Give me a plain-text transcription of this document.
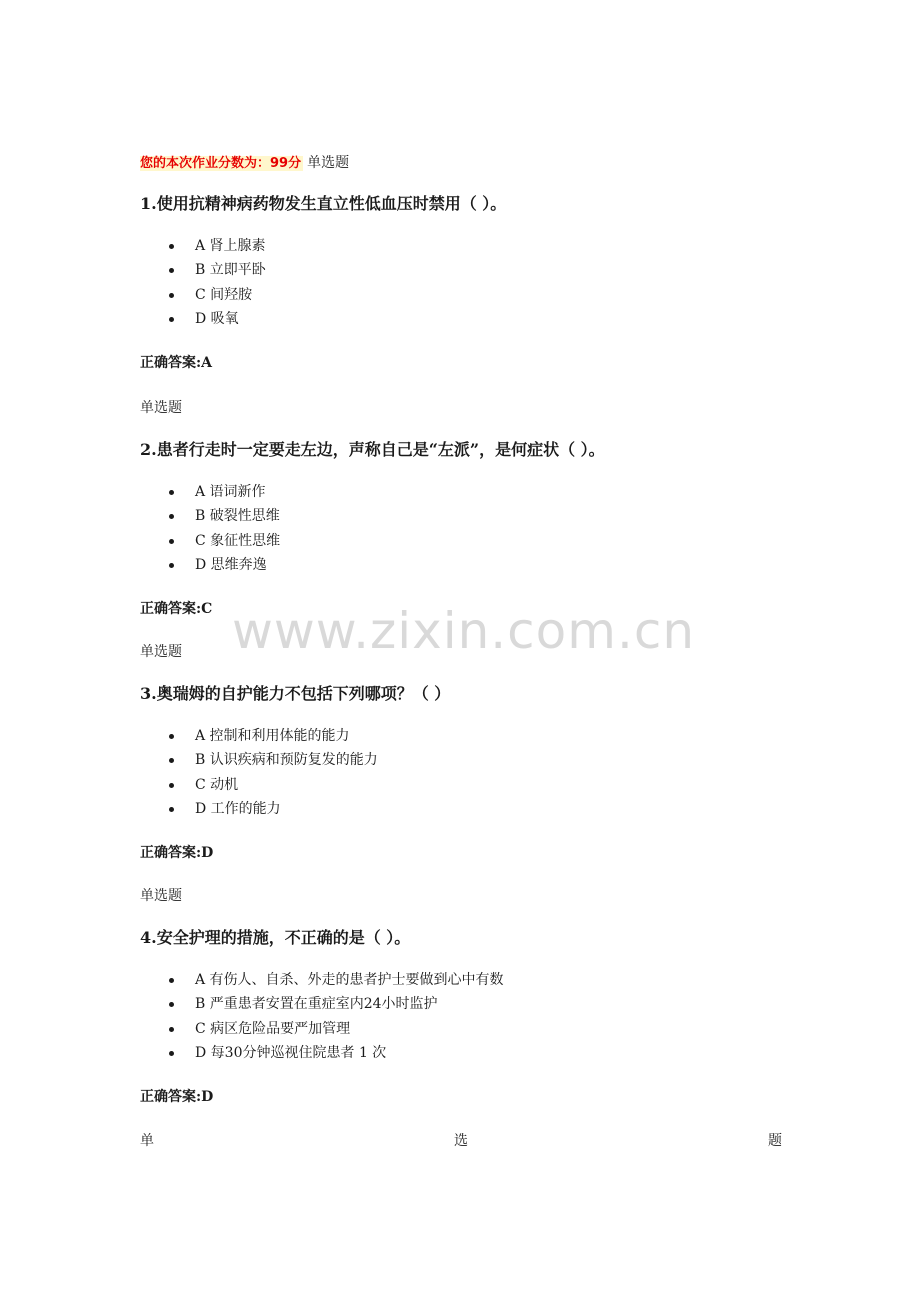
您的本次作业分数为：99分 单选题
1.使用抗精神病药物发生直立性低血压时禁用（ ）。
A 肾上腺素
B 立即平卧
C 间羟胺
D 吸氧
正确答案:A
单选题
2.患者行走时一定要走左边，声称自己是“左派”，是何症状（ ）。
A 语词新作
B 破裂性思维
C 象征性思维
D 思维奔逸
正确答案:C
单选题
3.奥瑞姆的自护能力不包括下列哪项？（ ）
A 控制和利用体能的能力
B 认识疾病和预防复发的能力
C 动机
D 工作的能力
正确答案:D
单选题
4.安全护理的措施，不正确的是（ ）。
A 有伤人、自杀、外走的患者护士要做到心中有数
B 严重患者安置在重症室内24小时监护
C 病区危险品要严加管理
D 每30分钟巡视住院患者 1 次
正确答案:D
单	选	题
www.zixin.com.cn
